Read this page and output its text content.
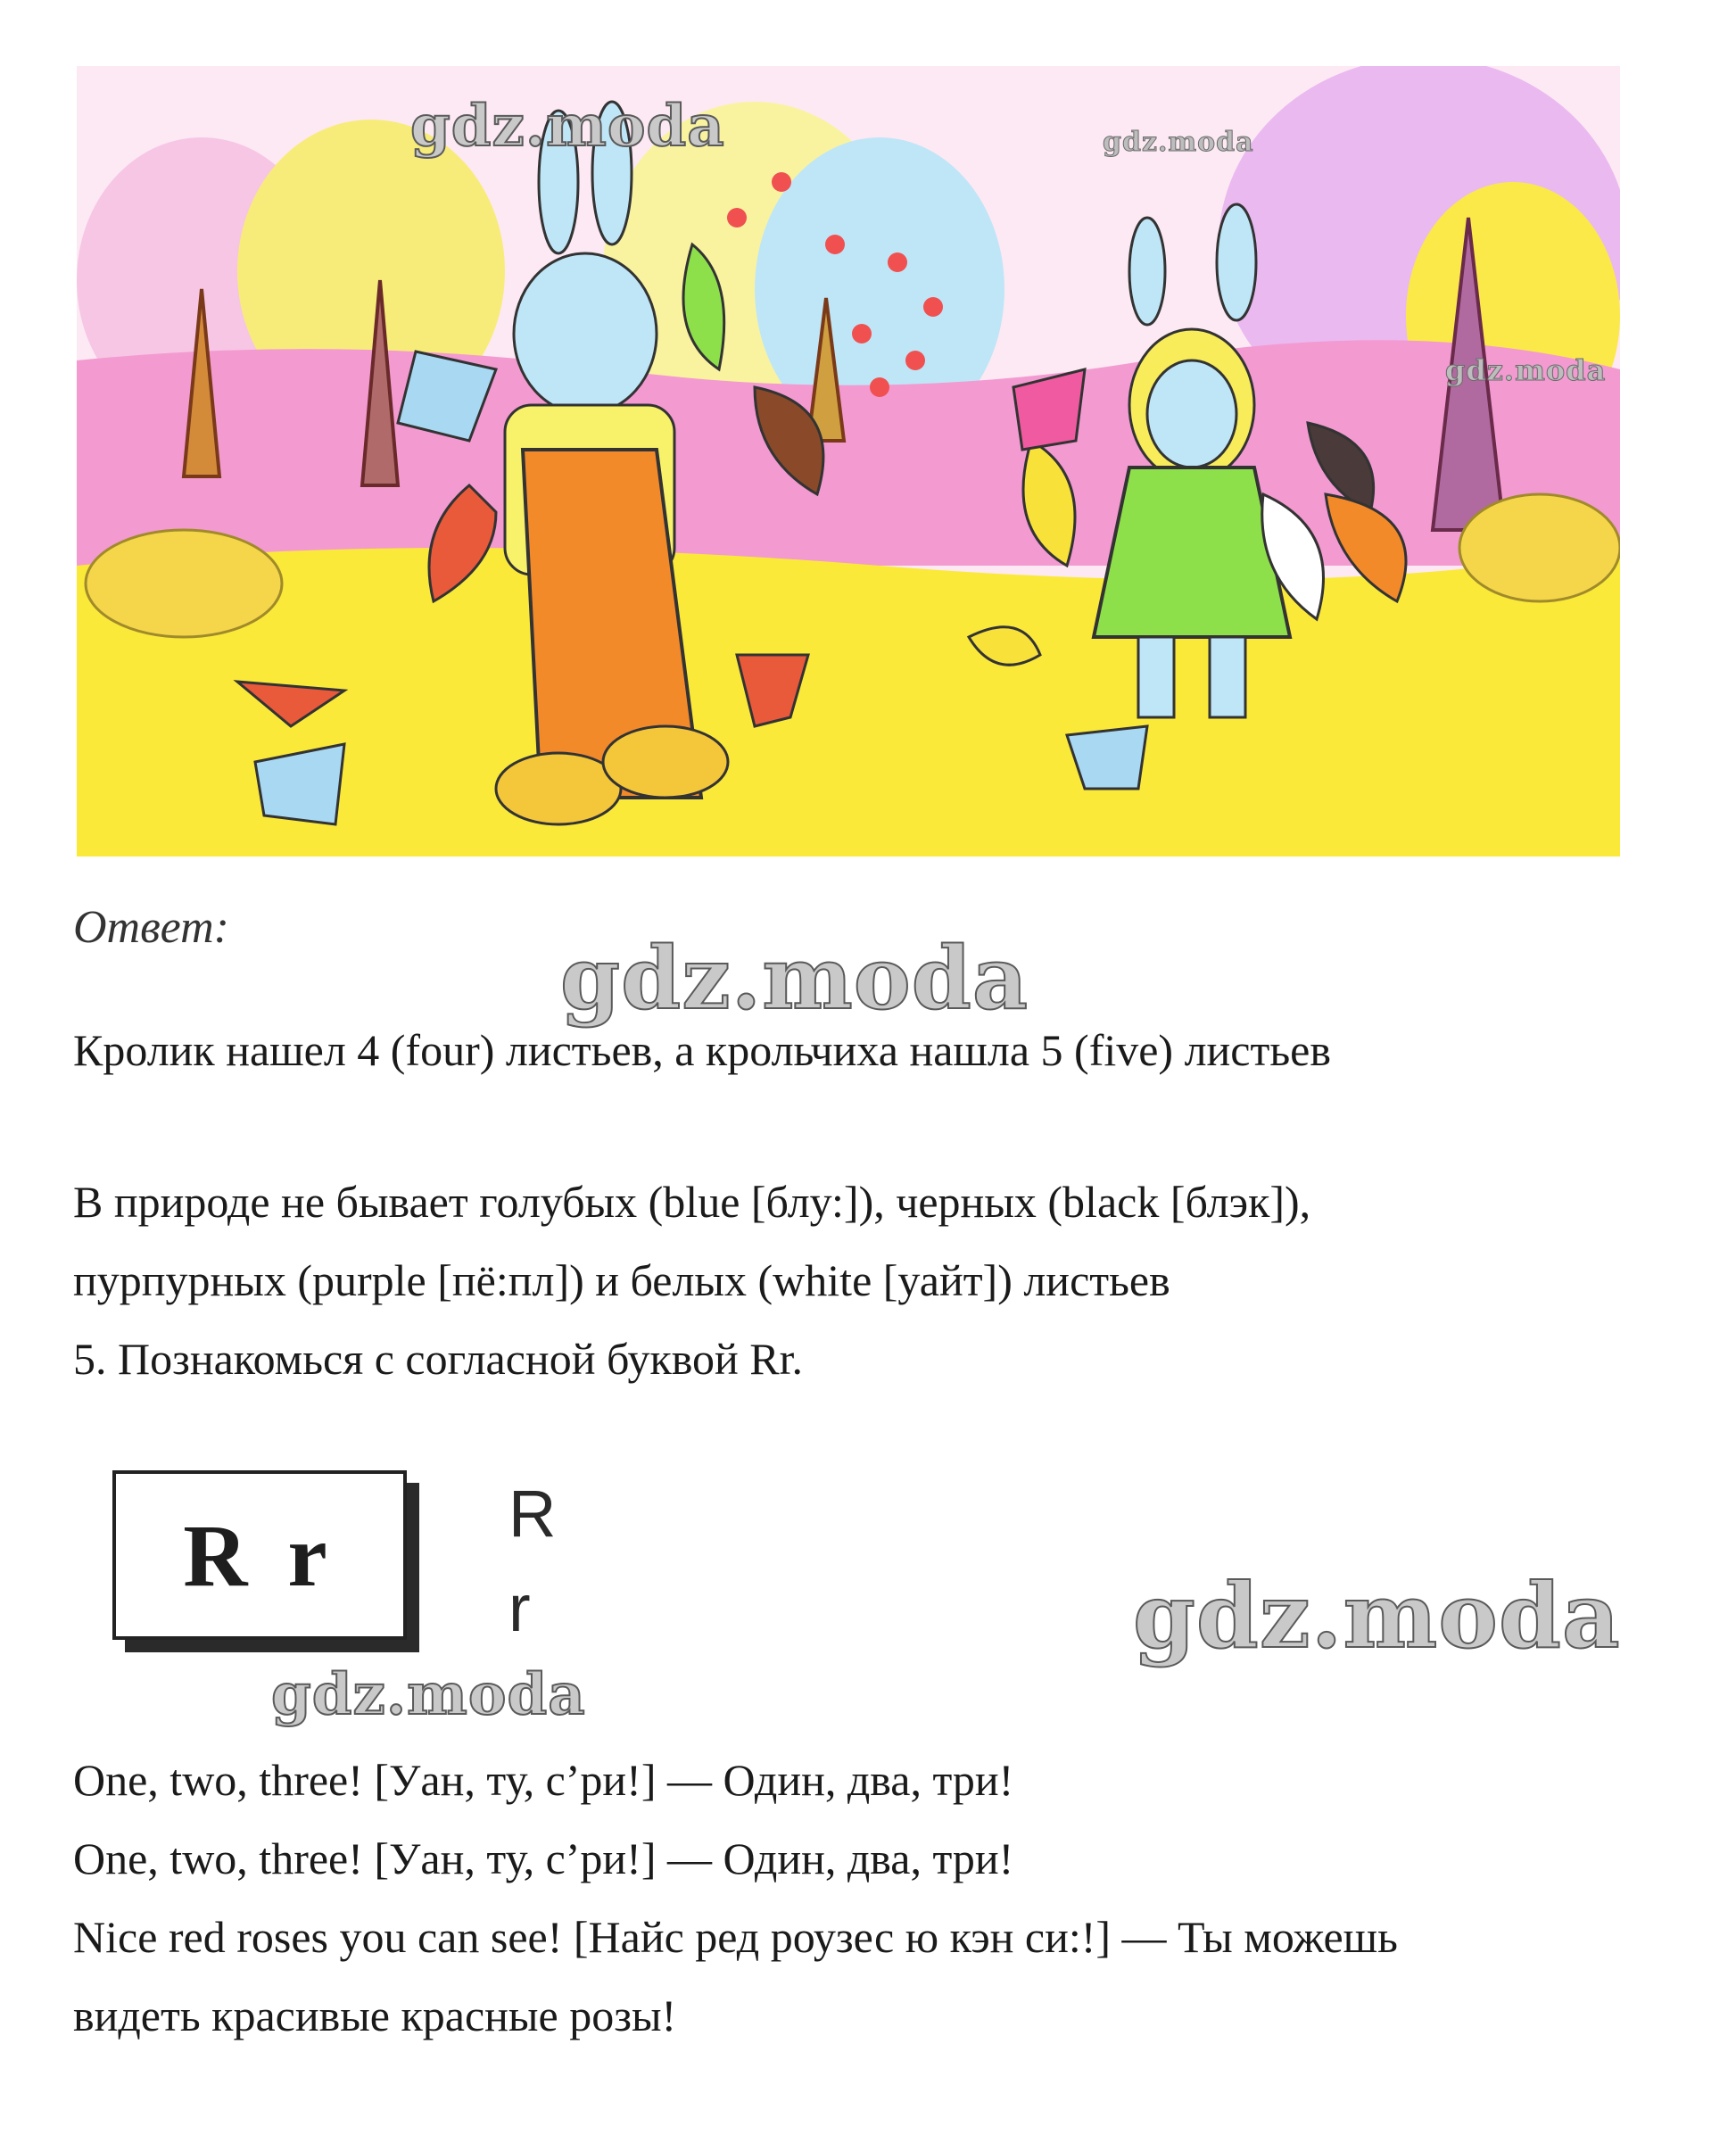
gdz.moda	gdz.moda
gdz.moda
Ответ:
gdz.moda
Кролик нашел 4 (four) листьев, а крольчиха нашла 5 (five) листьев
В природе не бывает голубых (blue [блу:]), черных (black [блэк]),
пурпурных (purple [пё:пл]) и белых (white [уайт]) листьев
5. Познакомься с согласной буквой Rr.
R r	R
r
gdz.moda
gdz.moda
One, two, three! [Уан, ту, с’ри!] — Один, два, три!
One, two, three! [Уан, ту, с’ри!] — Один, два, три!
Nice red roses you can see! [Найс ред роузес ю кэн си:!] — Ты можешь
видеть красивые красные розы!
